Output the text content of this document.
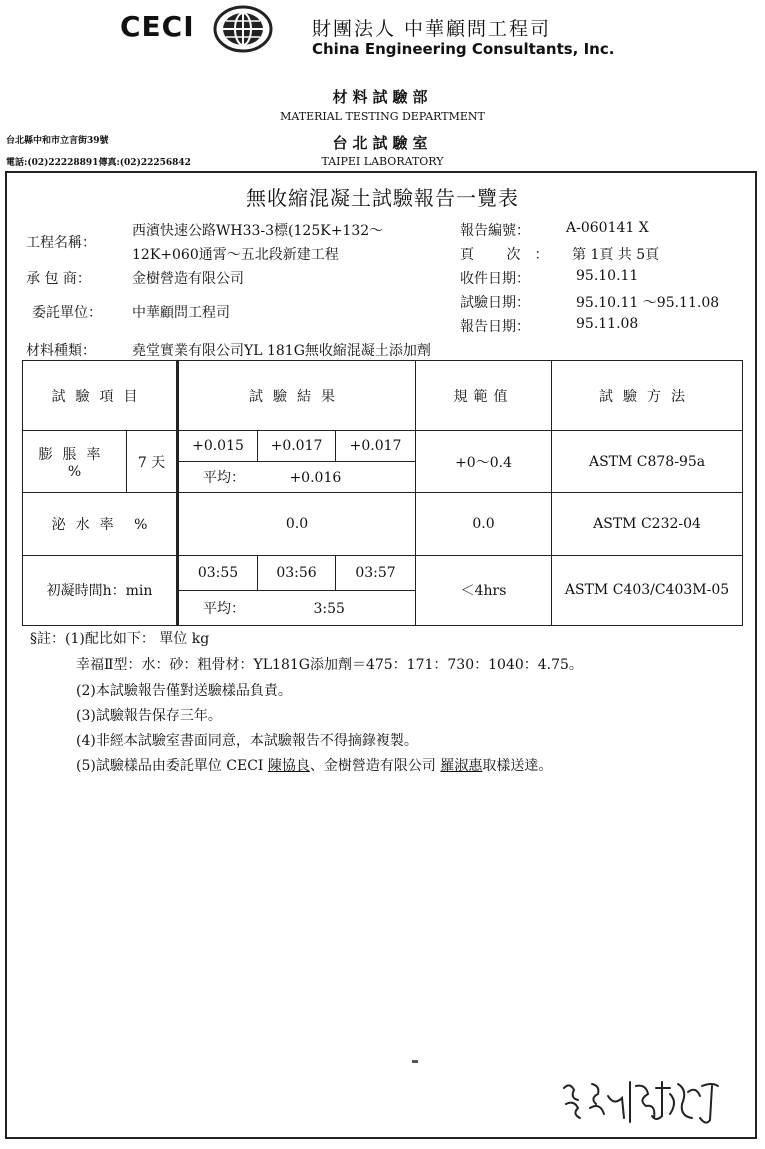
CECI	財團法人 中華顧問工程司
China Engineering Consultants, Inc.
材料試驗部
MATERIAL TESTING DEPARTMENT
台北試驗室
TAIPEI LABORATORY
台北縣中和市立言街39號
電話:(02)22228891傳真:(02)22256842
無收縮混凝土試驗報告一覽表
工程名稱：
西濱快速公路WH33-3標(125K+132～
12K+060通霄～五北段新建工程
承 包 商：	金樹營造有限公司
委託單位： 中華顧問工程司
材料種類：	堯堂實業有限公司YL 181G無收縮混凝土添加劑
報告編號：	A-060141 X
頁 次： 第 1頁 共 5頁
收件日期：	95.10.11
試驗日期：	95.10.11 ～95.11.08
報告日期：	95.11.08
試驗項目		試驗結果			規範值	試驗方法

膨脹率
%	7 天	+0.015	+0.017	+0.017	+0～0.4	ASTM C878-95a
		平均： +0.016				
泌水率 %		0.0			0.0	ASTM C232-04
初凝時間h：min		03:55	03:56	03:57	＜4hrs	ASTM C403/C403M-05
		平均： 3:55				
§註：(1)配比如下： 單位 kg
幸福Ⅱ型：水：砂：粗骨材：YL181G添加劑＝475：171：730：1040：4.75。
(2)本試驗報告僅對送驗樣品負責。
(3)試驗報告保存三年。
(4)非經本試驗室書面同意，本試驗報告不得摘錄複製。
(5)試驗樣品由委託單位 CECI 陳協良、金樹營造有限公司 羅淑惠取樣送達。
